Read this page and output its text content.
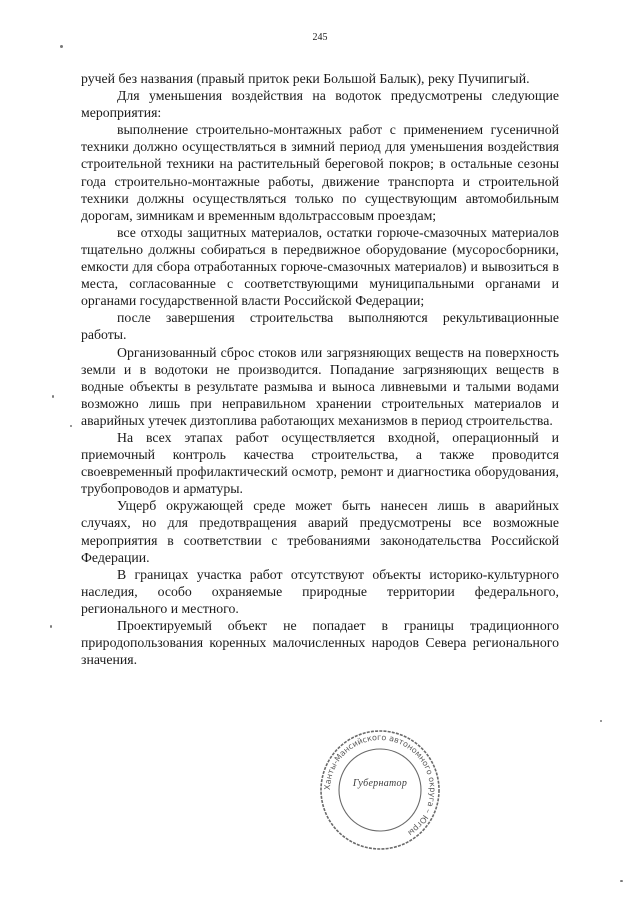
245

ручей без названия (правый приток реки Большой Балык), реку Пучипигый.

Для уменьшения воздействия на водоток предусмотрены следующие мероприятия:

выполнение строительно-монтажных работ с применением гусеничной техники должно осуществляться в зимний период для уменьшения воздействия строительной техники на растительный береговой покров; в остальные сезоны года строительно-монтажные работы, движение транспорта и строительной техники должны осуществляться только по существующим автомобильным дорогам, зимникам и временным вдольтрассовым проездам;

все отходы защитных материалов, остатки горюче-смазочных материалов тщательно должны собираться в передвижное оборудование (мусоросборники, емкости для сбора отработанных горюче-смазочных материалов) и вывозиться в места, согласованные с соответствующими муниципальными органами и органами государственной власти Российской Федерации;

после завершения строительства выполняются рекультивационные работы.

Организованный сброс стоков или загрязняющих веществ на поверхность земли и в водотоки не производится. Попадание загрязняющих веществ в водные объекты в результате размыва и выноса ливневыми и талыми водами возможно лишь при неправильном хранении строительных материалов и аварийных утечек дизтоплива работающих механизмов в период строительства.

На всех этапах работ осуществляется входной, операционный и приемочный контроль качества строительства, а также проводится своевременный профилактический осмотр, ремонт и диагностика оборудования, трубопроводов и арматуры.

Ущерб окружающей среде может быть нанесен лишь в аварийных случаях, но для предотвращения аварий предусмотрены все возможные мероприятия в соответствии с требованиями законодательства Российской Федерации.

В границах участка работ отсутствуют объекты историко-культурного наследия, особо охраняемые природные территории федерального, регионального и местного.

Проектируемый объект не попадает в границы традиционного природопользования коренных малочисленных народов Севера регионального значения.

Ханты-Мансийского автономного округа – Югры
Губернатор
